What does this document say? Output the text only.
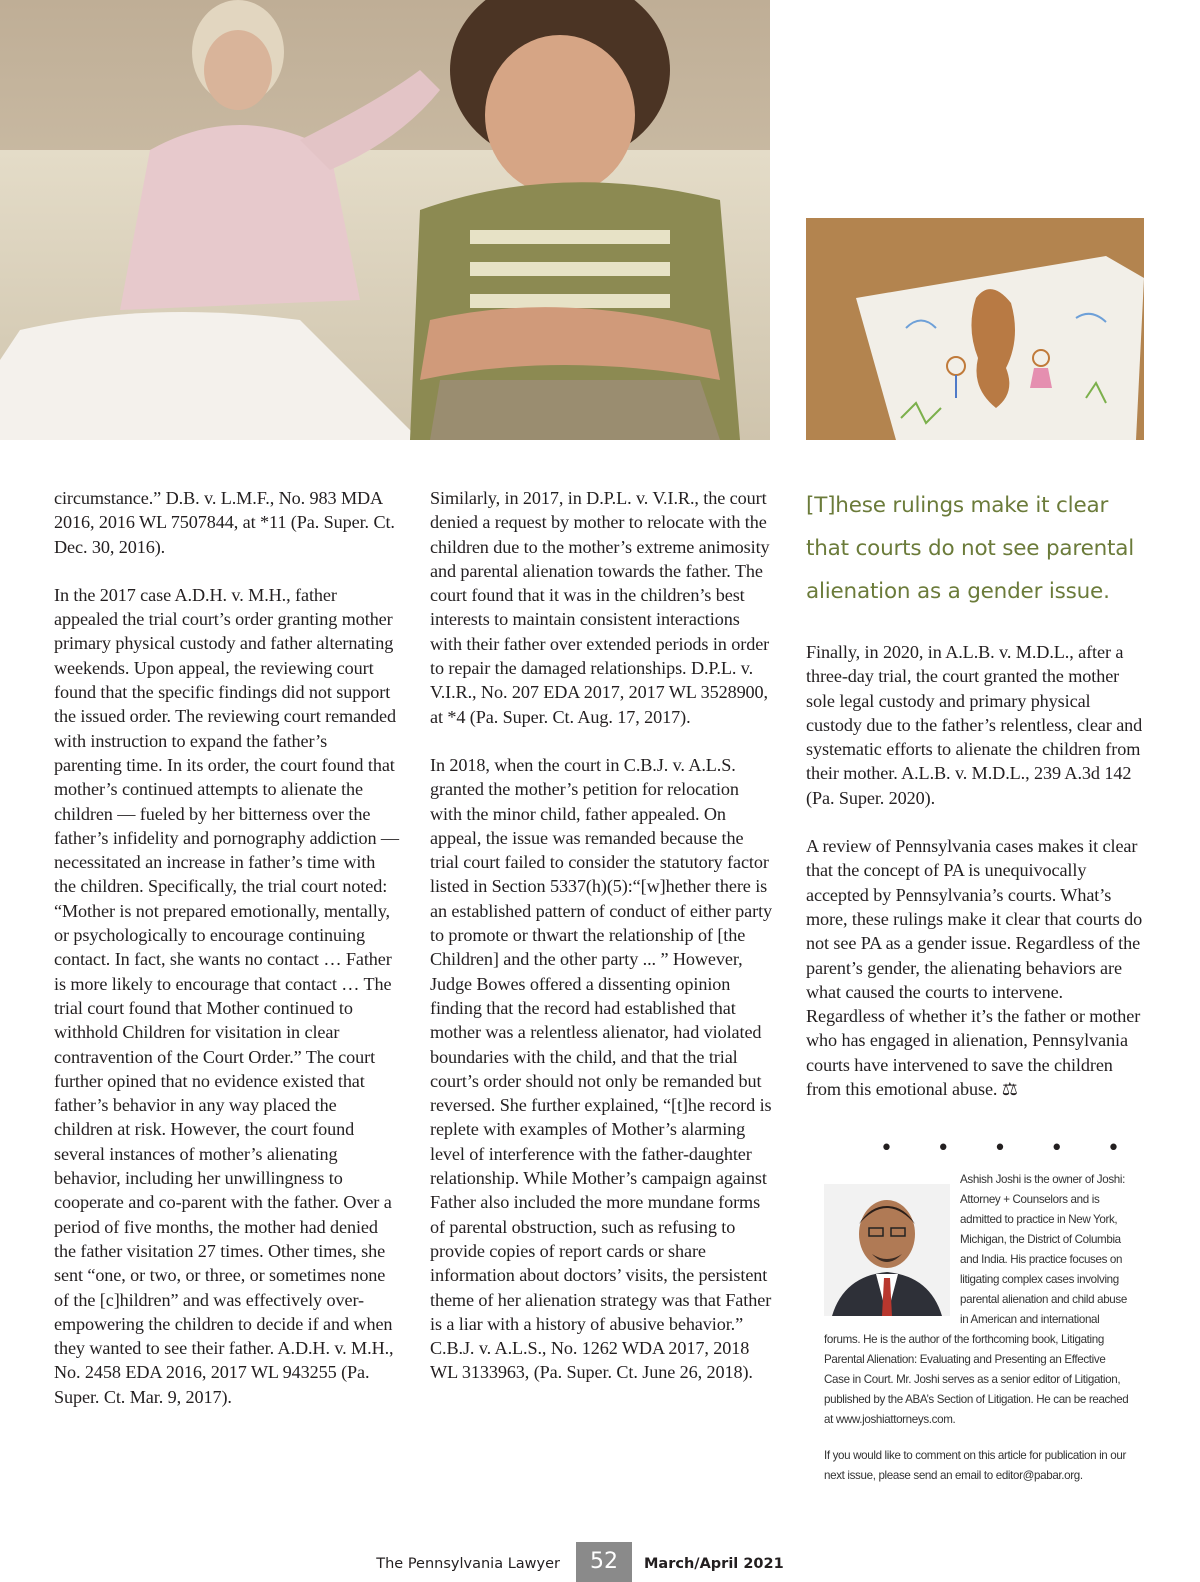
circumstance.” D.B. v. L.M.F., No. 983 MDA 2016, 2016 WL 7507844, at *11 (Pa. Super. Ct. Dec. 30, 2016).

In the 2017 case A.D.H. v. M.H., father appealed the trial court’s order granting mother primary physical custody and father alternating weekends. Upon appeal, the reviewing court found that the specific findings did not support the issued order. The reviewing court remanded with instruction to expand the father’s parenting time. In its order, the court found that mother’s continued attempts to alienate the children — fueled by her bitterness over the father’s infidelity and pornography addiction — necessitated an increase in father’s time with the children. Specifically, the trial court noted: “Mother is not prepared emotionally, mentally, or psychologically to encourage continuing contact. In fact, she wants no contact … Father is more likely to encourage that contact … The trial court found that Mother continued to withhold Children for visitation in clear contravention of the Court Order.” The court further opined that no evidence existed that father’s behavior in any way placed the children at risk. However, the court found several instances of mother’s alienating behavior, including her unwillingness to cooperate and co-parent with the father. Over a period of five months, the mother had denied the father visitation 27 times. Other times, she sent “one, or two, or three, or sometimes none of the [c]hildren” and was effectively over-empowering the children to decide if and when they wanted to see their father. A.D.H. v. M.H., No. 2458 EDA 2016, 2017 WL 943255 (Pa. Super. Ct. Mar. 9, 2017).

Similarly, in 2017, in D.P.L. v. V.I.R., the court denied a request by mother to relocate with the children due to the mother’s extreme animosity and parental alienation towards the father. The court found that it was in the children’s best interests to maintain consistent interactions with their father over extended periods in order to repair the damaged relationships. D.P.L. v. V.I.R., No. 207 EDA 2017, 2017 WL 3528900, at *4 (Pa. Super. Ct. Aug. 17, 2017).

In 2018, when the court in C.B.J. v. A.L.S. granted the mother’s petition for relocation with the minor child, father appealed. On appeal, the issue was remanded because the trial court failed to consider the statutory factor listed in Section 5337(h)(5):“[w]hether there is an established pattern of conduct of either party to promote or thwart the relationship of [the Children] and the other party ... ” However, Judge Bowes offered a dissenting opinion finding that the record had established that mother was a relentless alienator, had violated boundaries with the child, and that the trial court’s order should not only be remanded but reversed. She further explained, “[t]he record is replete with examples of Mother’s alarming level of interference with the father-daughter relationship. While Mother’s campaign against Father also included the more mundane forms of parental obstruction, such as refusing to provide copies of report cards or share information about doctors’ visits, the persistent theme of her alienation strategy was that Father is a liar with a history of abusive behavior.” C.B.J. v. A.L.S., No. 1262 WDA 2017, 2018 WL 3133963, (Pa. Super. Ct. June 26, 2018).

[T]hese rulings make it clear that courts do not see parental alienation as a gender issue.

Finally, in 2020, in A.L.B. v. M.D.L., after a three-day trial, the court granted the mother sole legal custody and primary physical custody due to the father’s relentless, clear and systematic efforts to alienate the children from their mother. A.L.B. v. M.D.L., 239 A.3d 142 (Pa. Super. 2020).

A review of Pennsylvania cases makes it clear that the concept of PA is unequivocally accepted by Pennsylvania’s courts. What’s more, these rulings make it clear that courts do not see PA as a gender issue. Regardless of the parent’s gender, the alienating behaviors are what caused the courts to intervene. Regardless of whether it’s the father or mother who has engaged in alienation, Pennsylvania courts have intervened to save the children from this emotional abuse. ⚖

• • • • •

Ashish Joshi is the owner of Joshi: Attorney + Counselors and is admitted to practice in New York, Michigan, the District of Columbia and India. His practice focuses on litigating complex cases involving parental alienation and child abuse in American and international forums. He is the author of the forthcoming book, Litigating Parental Alienation: Evaluating and Presenting an Effective Case in Court. Mr. Joshi serves as a senior editor of Litigation, published by the ABA’s Section of Litigation. He can be reached at www.joshiattorneys.com.

If you would like to comment on this article for publication in our next issue, please send an email to editor@pabar.org.

The Pennsylvania Lawyer	52	March/April 2021
